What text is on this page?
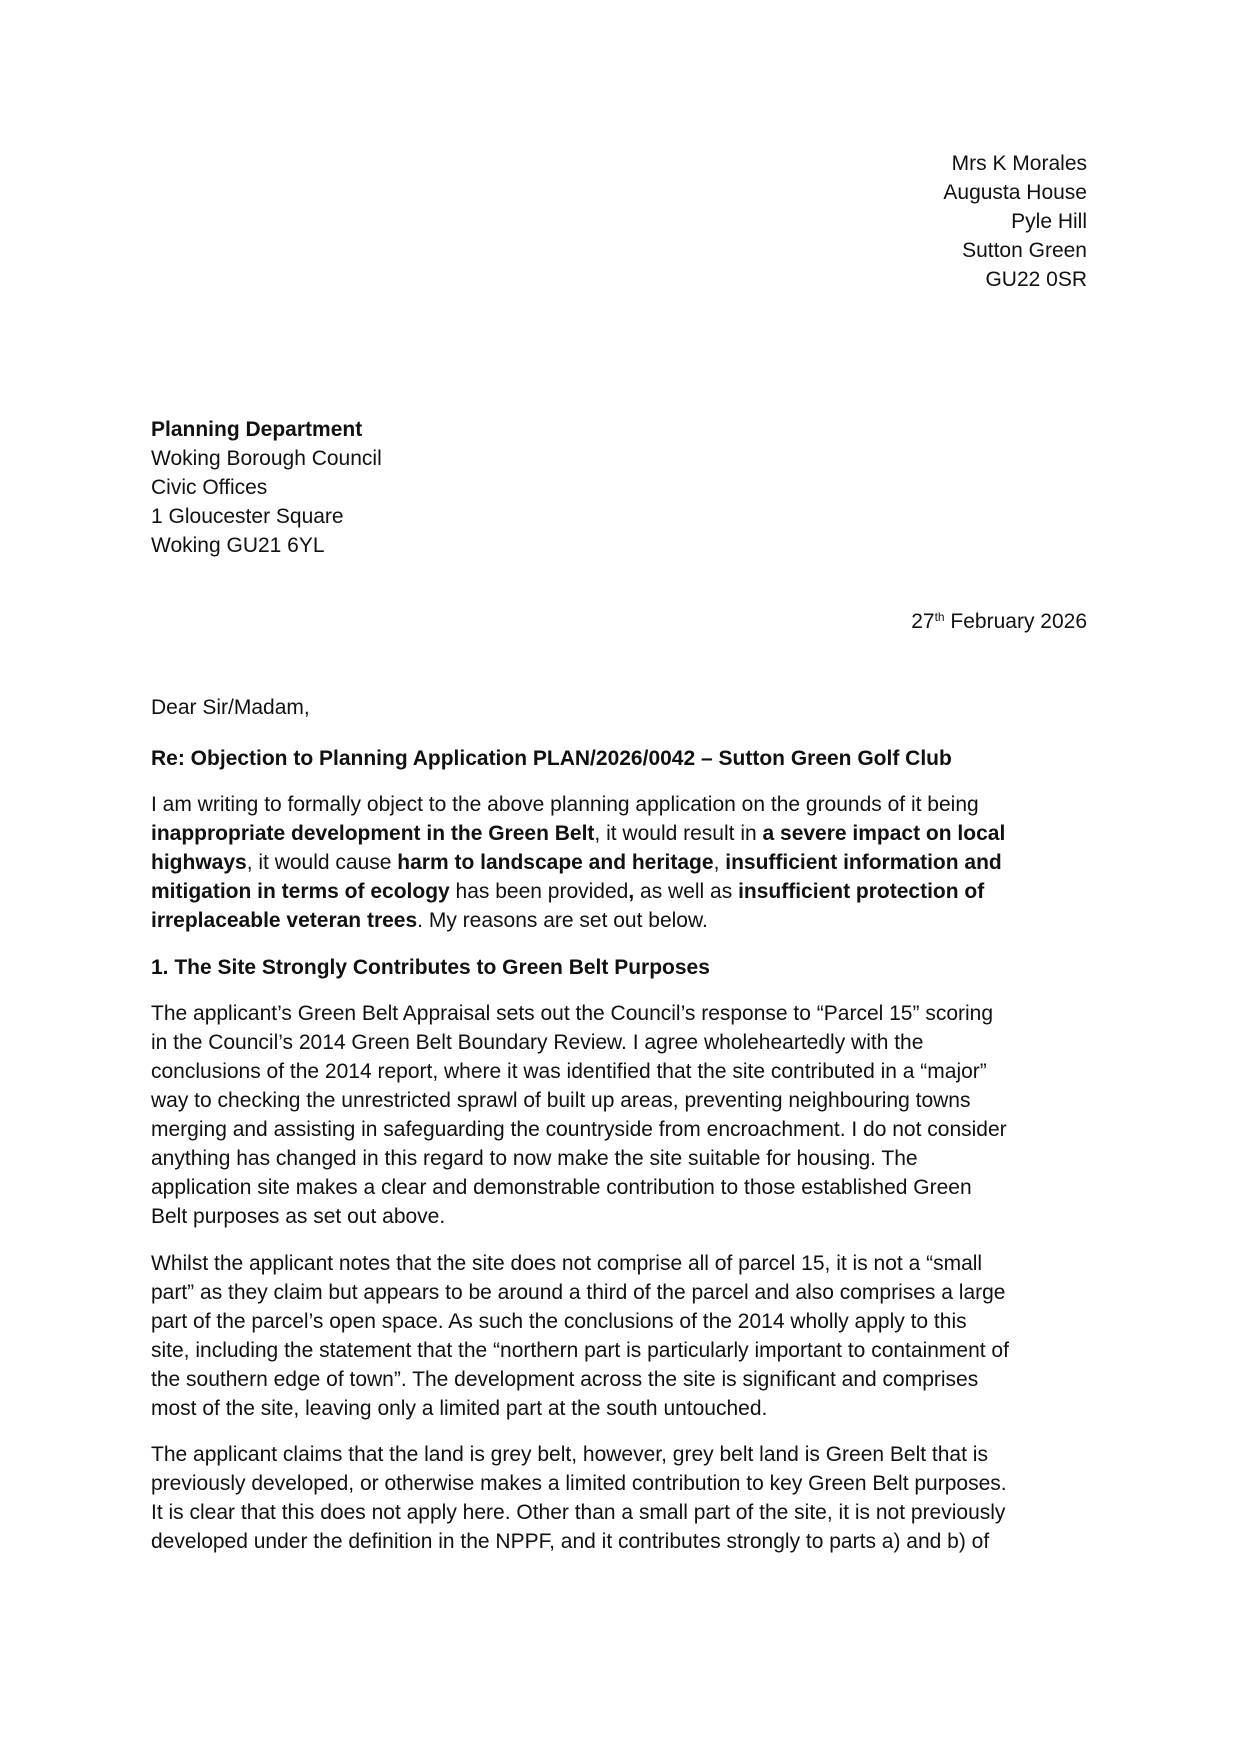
Mrs K Morales
Augusta House
Pyle Hill
Sutton Green
GU22 0SR
Planning Department
Woking Borough Council
Civic Offices
1 Gloucester Square
Woking GU21 6YL
27th February 2026
Dear Sir/Madam,
Re: Objection to Planning Application PLAN/2026/0042 – Sutton Green Golf Club
I am writing to formally object to the above planning application on the grounds of it being
inappropriate development in the Green Belt, it would result in a severe impact on local
highways, it would cause harm to landscape and heritage, insufficient information and
mitigation in terms of ecology has been provided, as well as insufficient protection of
irreplaceable veteran trees. My reasons are set out below.
1. The Site Strongly Contributes to Green Belt Purposes
The applicant’s Green Belt Appraisal sets out the Council’s response to “Parcel 15” scoring
in the Council’s 2014 Green Belt Boundary Review. I agree wholeheartedly with the
conclusions of the 2014 report, where it was identified that the site contributed in a “major”
way to checking the unrestricted sprawl of built up areas, preventing neighbouring towns
merging and assisting in safeguarding the countryside from encroachment. I do not consider
anything has changed in this regard to now make the site suitable for housing. The
application site makes a clear and demonstrable contribution to those established Green
Belt purposes as set out above.
Whilst the applicant notes that the site does not comprise all of parcel 15, it is not a “small
part” as they claim but appears to be around a third of the parcel and also comprises a large
part of the parcel’s open space. As such the conclusions of the 2014 wholly apply to this
site, including the statement that the “northern part is particularly important to containment of
the southern edge of town”. The development across the site is significant and comprises
most of the site, leaving only a limited part at the south untouched.
The applicant claims that the land is grey belt, however, grey belt land is Green Belt that is
previously developed, or otherwise makes a limited contribution to key Green Belt purposes.
It is clear that this does not apply here. Other than a small part of the site, it is not previously
developed under the definition in the NPPF, and it contributes strongly to parts a) and b) of
